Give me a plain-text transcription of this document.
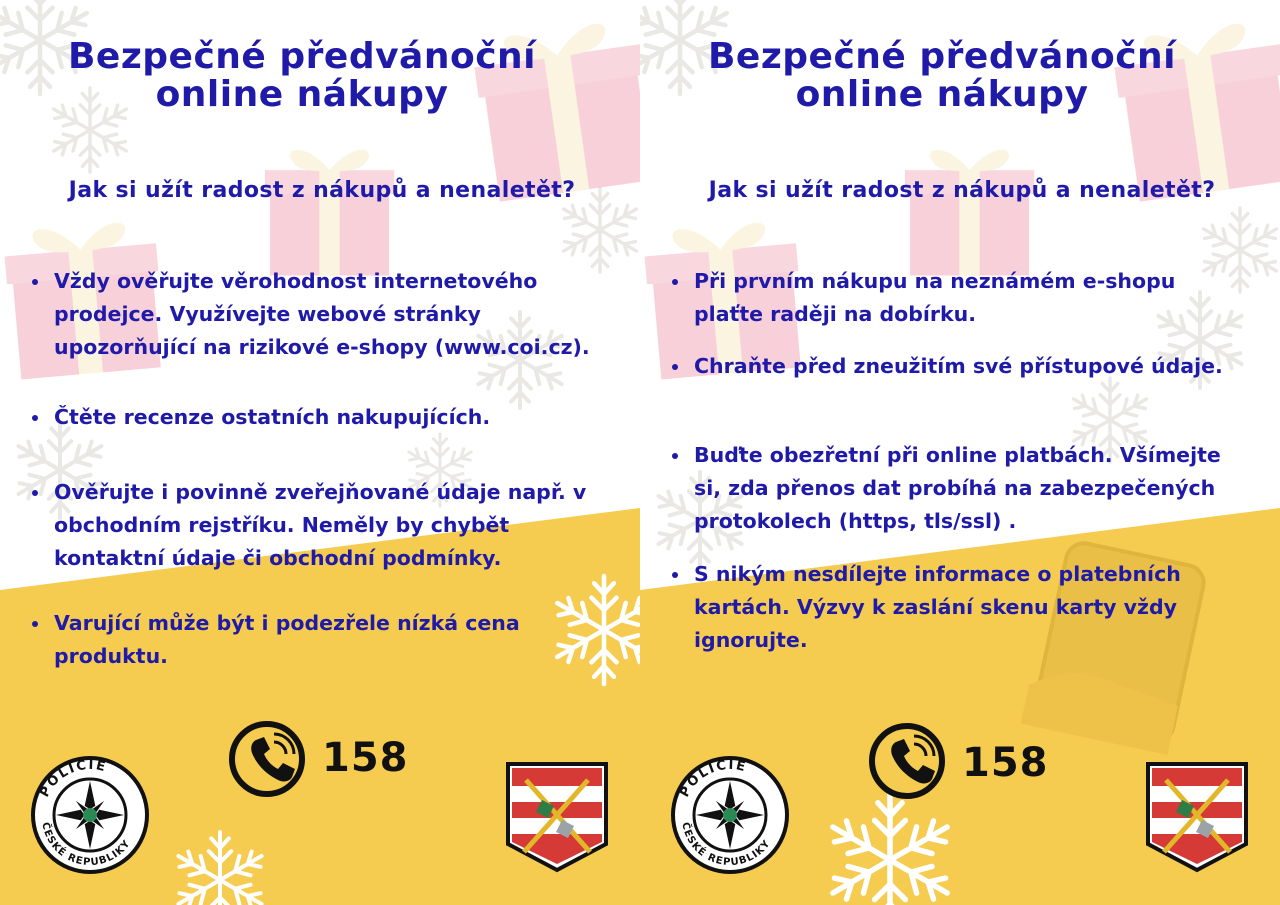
Bezpečné předvánoční online nákupy
Jak si užít radost z nákupů a nenaletět?
Vždy ověřujte věrohodnost internetového prodejce. Využívejte webové stránky upozorňující na rizikové e-shopy (www.coi.cz).
Čtěte recenze ostatních nakupujících.
Ověřujte i povinně zveřejňované údaje např. v obchodním rejstříku. Neměly by chybět kontaktní údaje či obchodní podmínky.
Varující může být i podezřele nízká cena produktu.
158
POLICIE
ČESKÉ REPUBLIKY
Bezpečné předvánoční online nákupy
Jak si užít radost z nákupů a nenaletět?
Při prvním nákupu na neznámém e-shopu plaťte raději na dobírku.
Chraňte před zneužitím své přístupové údaje.
Buďte obezřetní při online platbách. Všímejte si, zda přenos dat probíhá na zabezpečených protokolech (https, tls/ssl) .
S nikým nesdílejte informace o platebních kartách. Výzvy k zaslání skenu karty vždy ignorujte.
158
POLICIE
ČESKÉ REPUBLIKY
